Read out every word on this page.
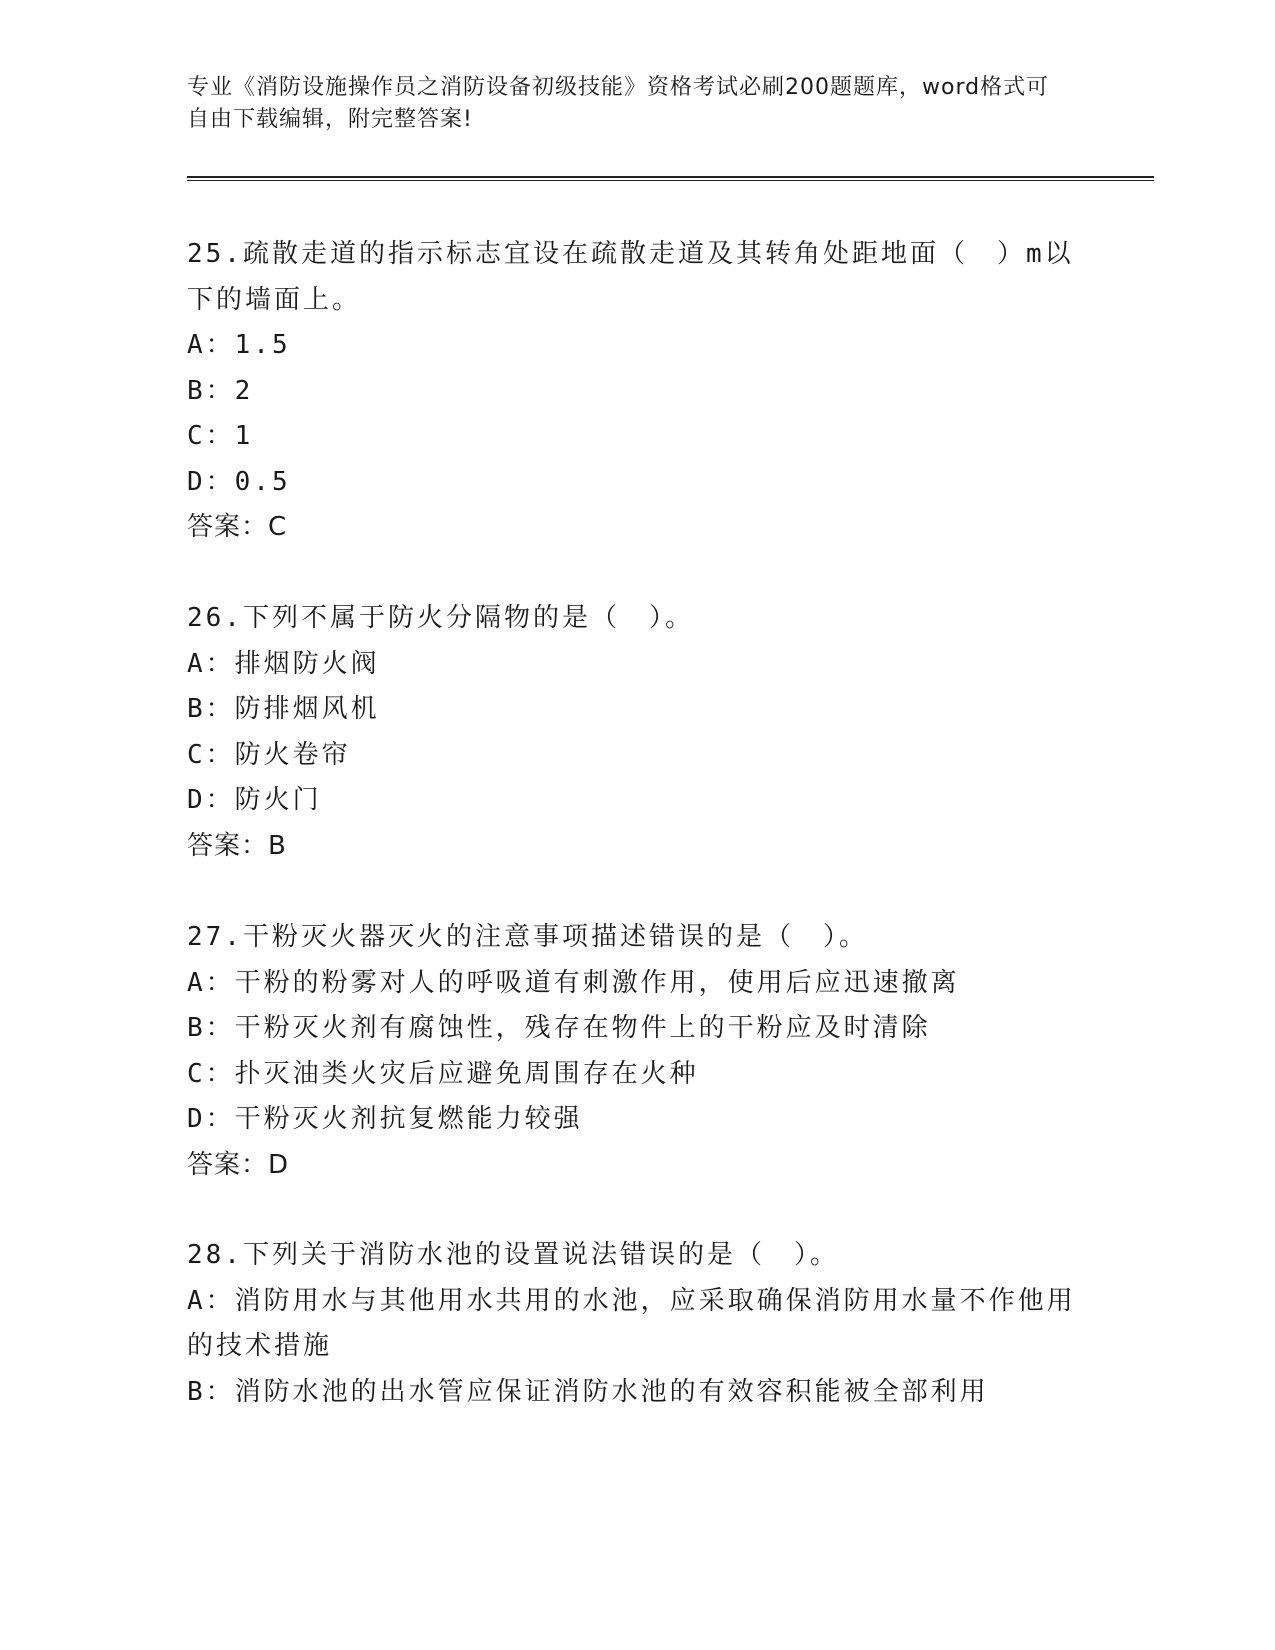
专业《消防设施操作员之消防设备初级技能》资格考试必刷200题题库，word格式可自由下载编辑，附完整答案!
25.疏散走道的指示标志宜设在疏散走道及其转角处距地面（　）m以下的墙面上。
A：1.5
B：2
C：1
D：0.5
答案：C
26.下列不属于防火分隔物的是（　）。
A：排烟防火阀
B：防排烟风机
C：防火卷帘
D：防火门
答案：B
27.干粉灭火器灭火的注意事项描述错误的是（　）。
A：干粉的粉雾对人的呼吸道有刺激作用，使用后应迅速撤离
B：干粉灭火剂有腐蚀性，残存在物件上的干粉应及时清除
C：扑灭油类火灾后应避免周围存在火种
D：干粉灭火剂抗复燃能力较强
答案：D
28.下列关于消防水池的设置说法错误的是（　）。
A：消防用水与其他用水共用的水池，应采取确保消防用水量不作他用的技术措施
B：消防水池的出水管应保证消防水池的有效容积能被全部利用
